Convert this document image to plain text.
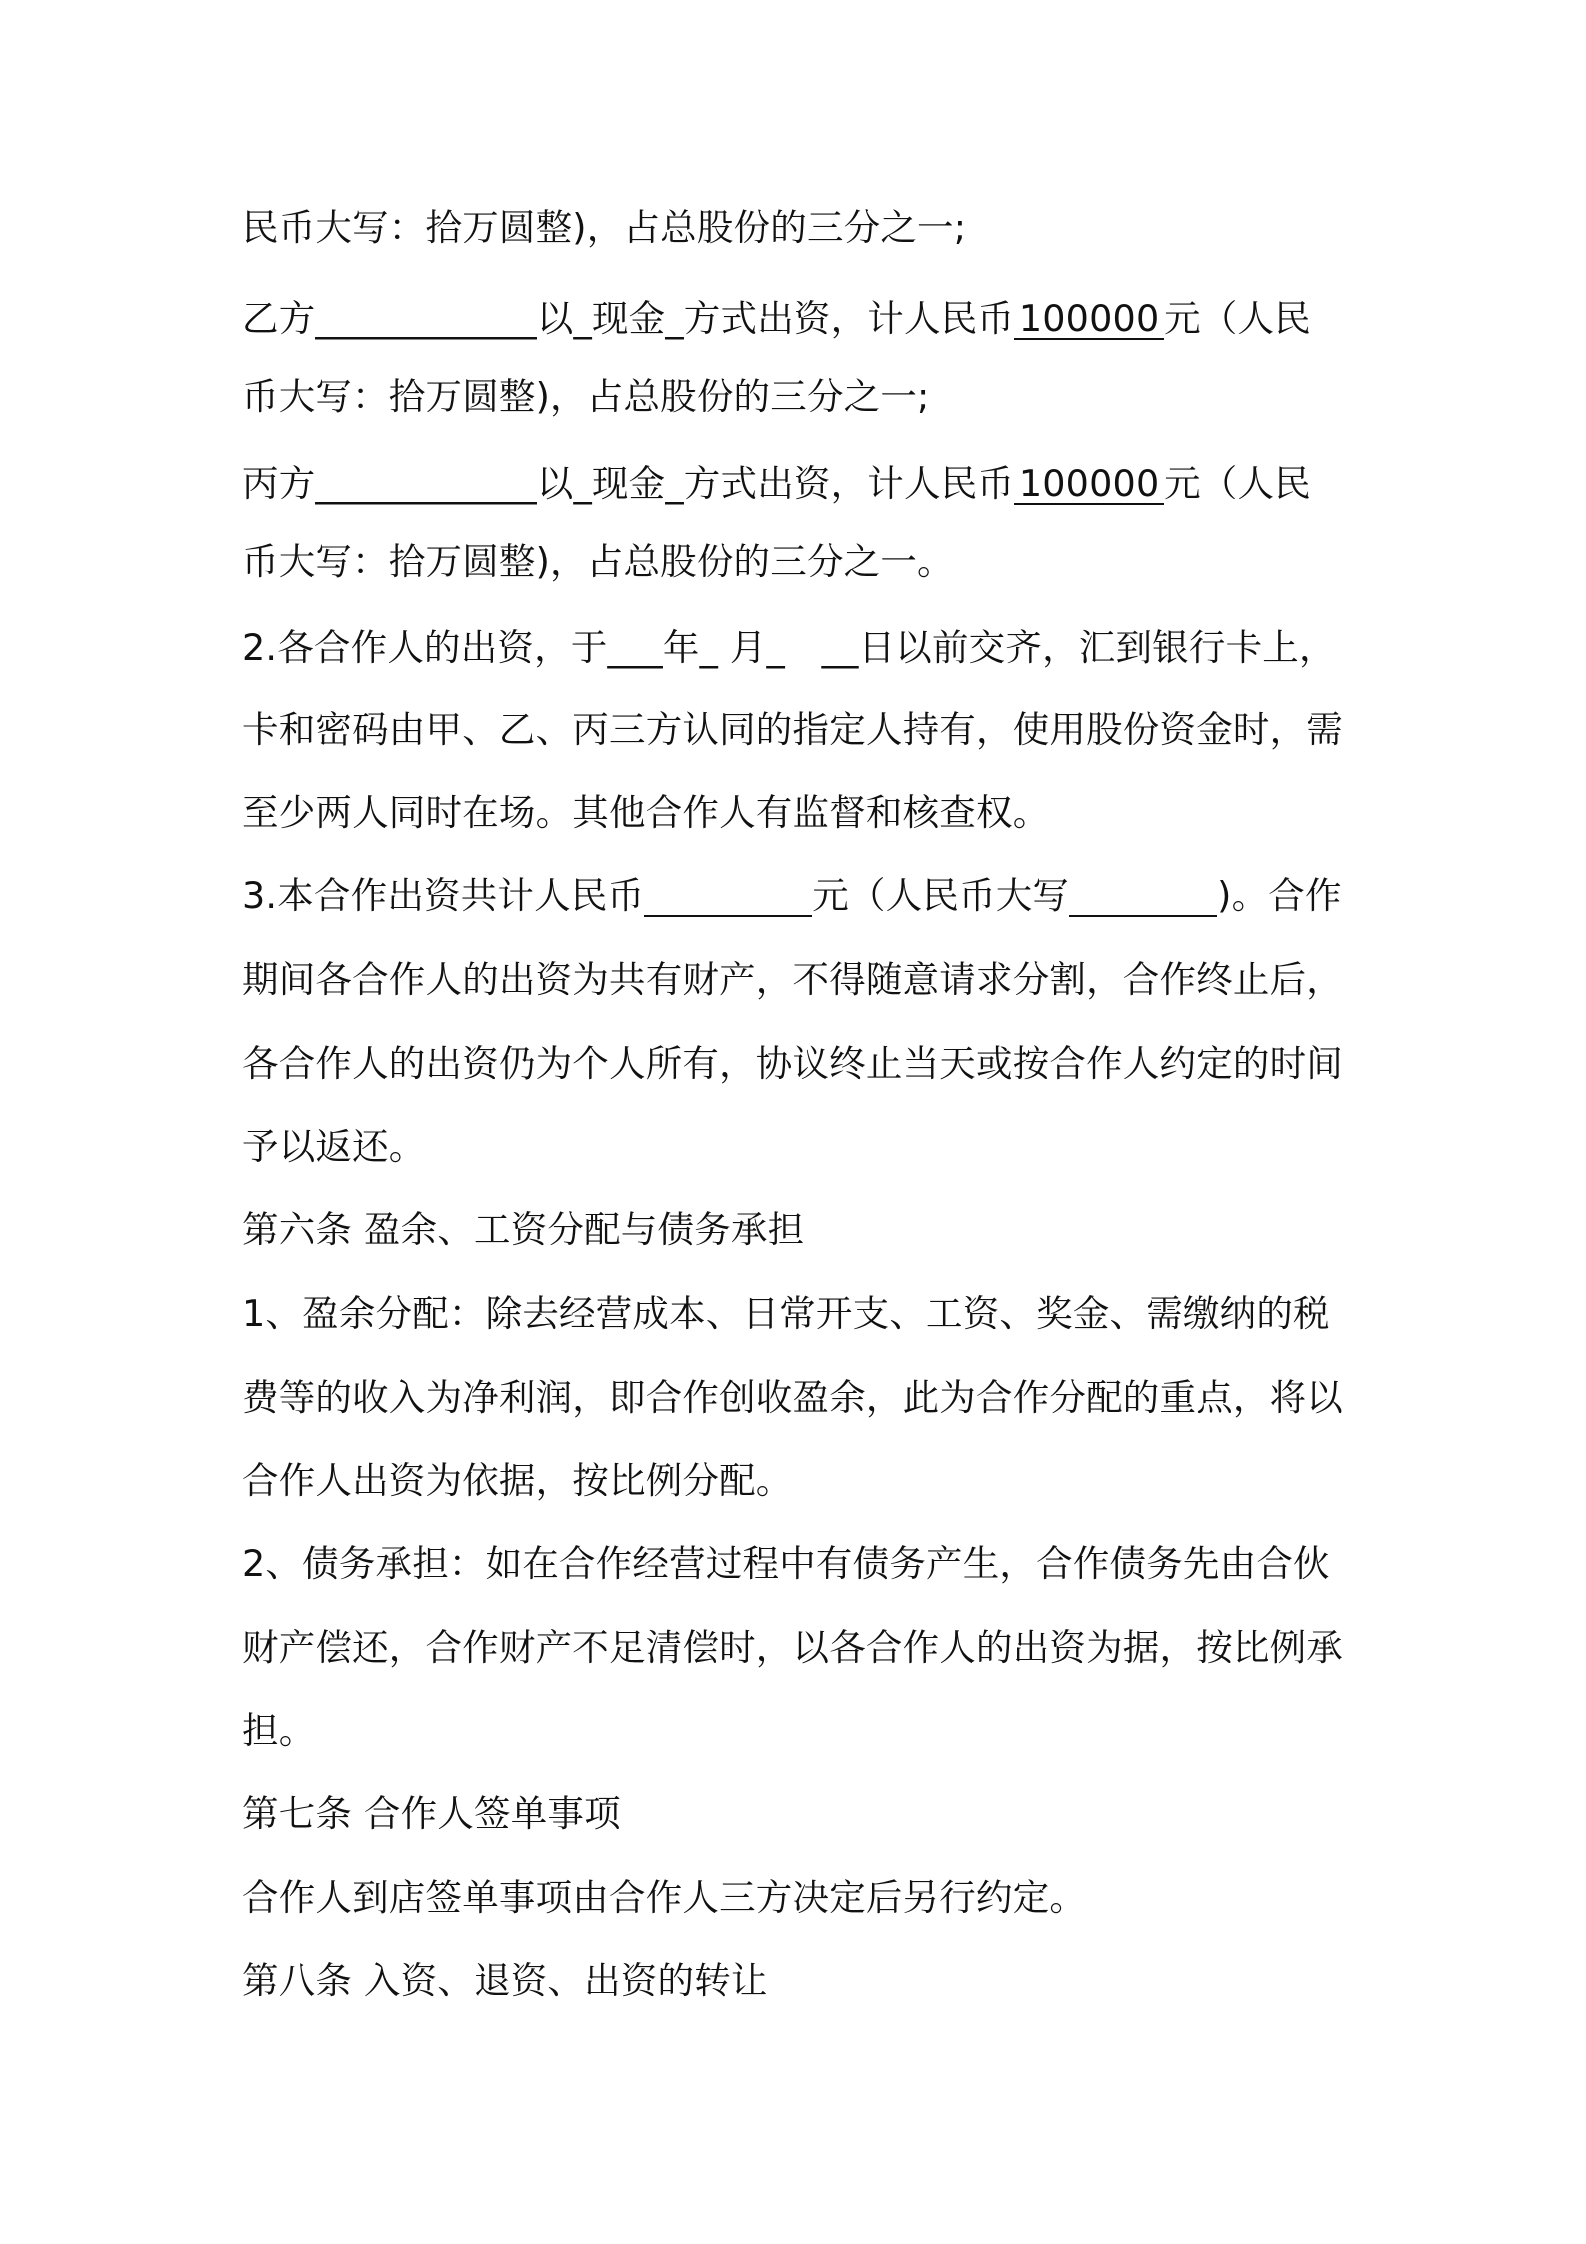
民币大写：拾万圆整)，占总股份的三分之一;

乙方____________以_现金_方式出资，计人民币 100000 元（人民

币大写：拾万圆整)，占总股份的三分之一;

丙方____________以_现金_方式出资，计人民币 100000 元（人民

币大写：拾万圆整)，占总股份的三分之一。

2.各合作人的出资，于___年_ 月_　__日以前交齐，汇到银行卡上，

卡和密码由甲、乙、丙三方认同的指定人持有，使用股份资金时，需

至少两人同时在场。其他合作人有监督和核查权。

3.本合作出资共计人民币	元（人民币大写	)。合作

期间各合作人的出资为共有财产，不得随意请求分割，合作终止后，

各合作人的出资仍为个人所有，协议终止当天或按合作人约定的时间

予以返还。

第六条 盈余、工资分配与债务承担

1、盈余分配：除去经营成本、日常开支、工资、奖金、需缴纳的税

费等的收入为净利润，即合作创收盈余，此为合作分配的重点，将以

合作人出资为依据，按比例分配。

2、债务承担：如在合作经营过程中有债务产生，合作债务先由合伙

财产偿还，合作财产不足清偿时，以各合作人的出资为据，按比例承

担。

第七条 合作人签单事项

合作人到店签单事项由合作人三方决定后另行约定。

第八条 入资、退资、出资的转让
